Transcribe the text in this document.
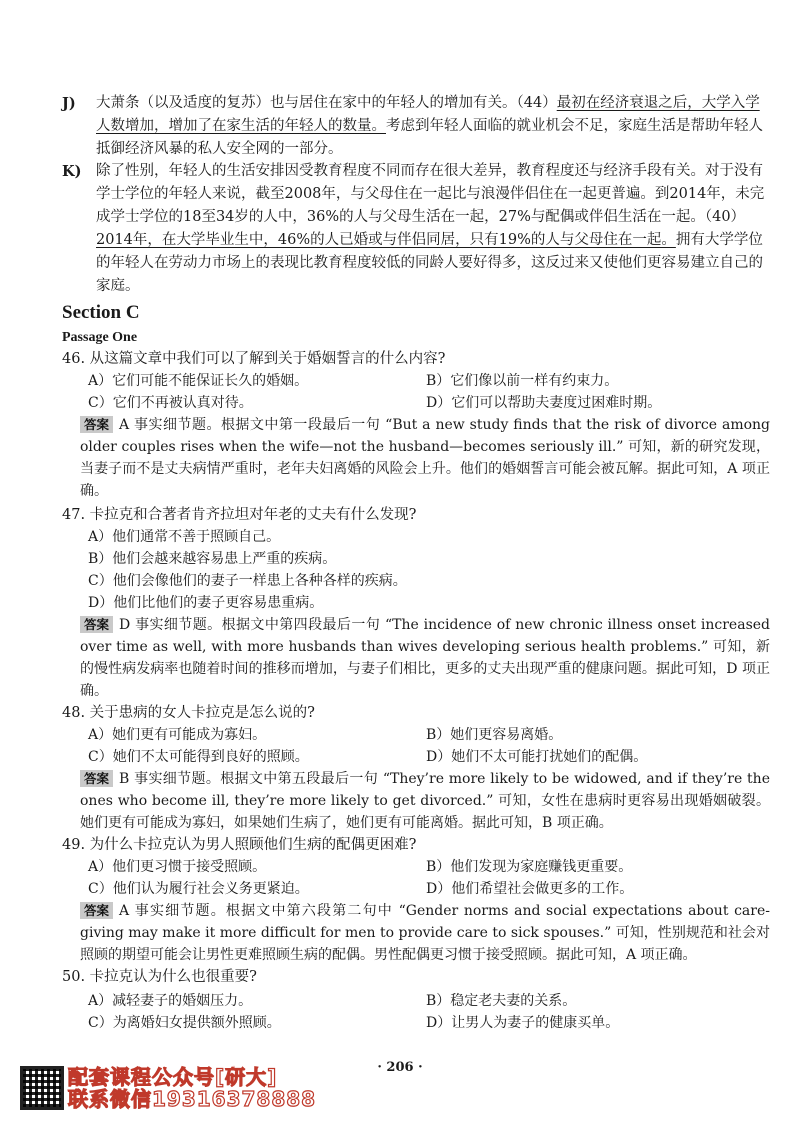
J)	大萧条（以及适度的复苏）也与居住在家中的年轻人的增加有关。（44）最初在经济衰退之后，大学入学人数增加，增加了在家生活的年轻人的数量。考虑到年轻人面临的就业机会不足，家庭生活是帮助年轻人抵御经济风暴的私人安全网的一部分。
K)	除了性别，年轻人的生活安排因受教育程度不同而存在很大差异，教育程度还与经济手段有关。对于没有学士学位的年轻人来说，截至2008年，与父母住在一起比与浪漫伴侣住在一起更普遍。到2014年，未完成学士学位的18至34岁的人中，36%的人与父母生活在一起，27%与配偶或伴侣生活在一起。（40）2014年，在大学毕业生中，46%的人已婚或与伴侣同居，只有19%的人与父母住在一起。拥有大学学位的年轻人在劳动力市场上的表现比教育程度较低的同龄人要好得多，这反过来又使他们更容易建立自己的家庭。
Section C
Passage One
46. 从这篇文章中我们可以了解到关于婚姻誓言的什么内容?
A）它们可能不能保证长久的婚姻。	B）它们像以前一样有约束力。
C）它们不再被认真对待。	D）它们可以帮助夫妻度过困难时期。
答案 A 事实细节题。根据文中第一段最后一句 “But a new study finds that the risk of divorce among older couples rises when the wife—not the husband—becomes seriously ill.” 可知，新的研究发现，当妻子而不是丈夫病情严重时，老年夫妇离婚的风险会上升。他们的婚姻誓言可能会被瓦解。据此可知，A 项正确。
47. 卡拉克和合著者肯齐拉坦对年老的丈夫有什么发现?
A）他们通常不善于照顾自己。
B）他们会越来越容易患上严重的疾病。
C）他们会像他们的妻子一样患上各种各样的疾病。
D）他们比他们的妻子更容易患重病。
答案 D 事实细节题。根据文中第四段最后一句 “The incidence of new chronic illness onset increased over time as well, with more husbands than wives developing serious health problems.” 可知，新的慢性病发病率也随着时间的推移而增加，与妻子们相比，更多的丈夫出现严重的健康问题。据此可知，D 项正确。
48. 关于患病的女人卡拉克是怎么说的?
A）她们更有可能成为寡妇。	B）她们更容易离婚。
C）她们不太可能得到良好的照顾。	D）她们不太可能打扰她们的配偶。
答案 B 事实细节题。根据文中第五段最后一句 “They’re more likely to be widowed, and if they’re the ones who become ill, they’re more likely to get divorced.” 可知，女性在患病时更容易出现婚姻破裂。她们更有可能成为寡妇，如果她们生病了，她们更有可能离婚。据此可知，B 项正确。
49. 为什么卡拉克认为男人照顾他们生病的配偶更困难?
A）他们更习惯于接受照顾。	B）他们发现为家庭赚钱更重要。
C）他们认为履行社会义务更紧迫。	D）他们希望社会做更多的工作。
答案 A 事实细节题。根据文中第六段第二句中 “Gender norms and social expectations about care-giving may make it more difficult for men to provide care to sick spouses.” 可知，性别规范和社会对照顾的期望可能会让男性更难照顾生病的配偶。男性配偶更习惯于接受照顾。据此可知，A 项正确。
50. 卡拉克认为什么也很重要?
A）减轻妻子的婚姻压力。	B）稳定老夫妻的关系。
C）为离婚妇女提供额外照顾。	D）让男人为妻子的健康买单。
· 206 ·
配套课程公众号[研大]
联系微信19316378888
